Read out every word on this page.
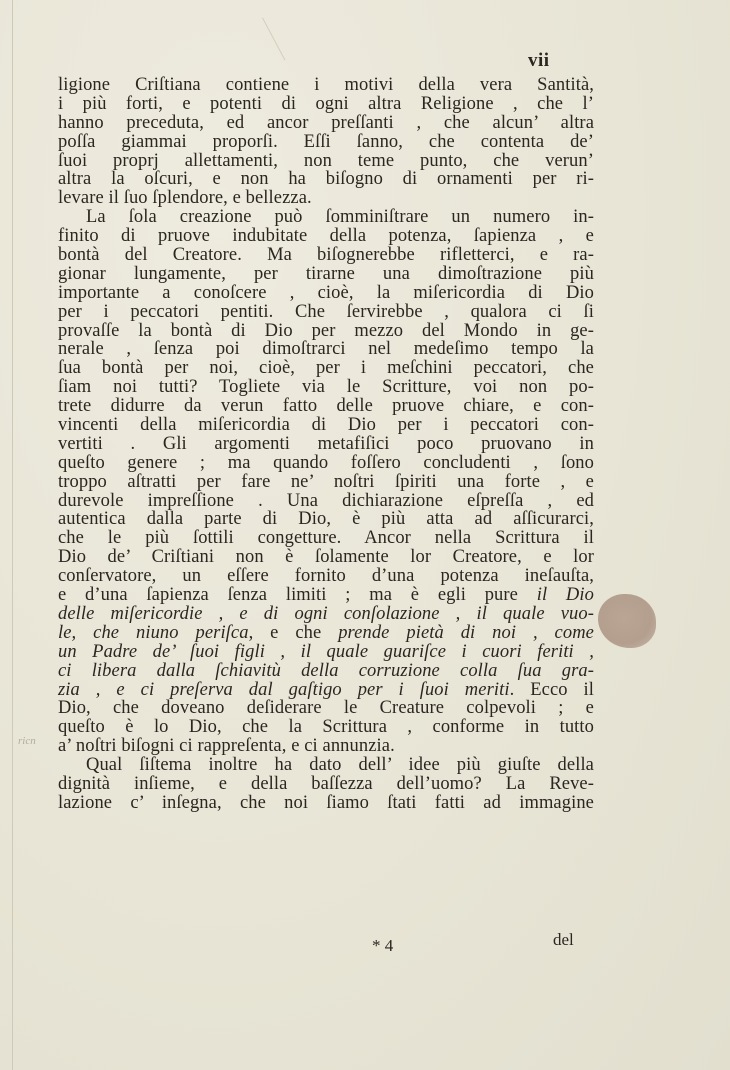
ricn
vii
ligione Criſtiana contiene i motivi della vera Santità,
i più forti, e potenti di ogni altra Religione , che l’
hanno preceduta, ed ancor preſſanti , che alcun’ altra
poſſa giammai proporſi. Eſſi ſanno, che contenta de’
ſuoi proprj allettamenti, non teme punto, che verun’
altra la oſcuri, e non ha biſogno di ornamenti per ri-
levare il ſuo ſplendore, e bellezza.
La ſola creazione può ſomminiſtrare un numero in-
finito di pruove indubitate della potenza, ſapienza , e
bontà del Creatore. Ma biſognerebbe rifletterci, e ra-
gionar lungamente, per tirarne una dimoſtrazione più
importante a conoſcere , cioè, la miſericordia di Dio
per i peccatori pentiti. Che ſervirebbe , qualora ci ſi
provaſſe la bontà di Dio per mezzo del Mondo in ge-
nerale , ſenza poi dimoſtrarci nel medeſimo tempo la
ſua bontà per noi, cioè, per i meſchini peccatori, che
ſiam noi tutti? Togliete via le Scritture, voi non po-
trete didurre da verun fatto delle pruove chiare, e con-
vincenti della miſericordia di Dio per i peccatori con-
vertiti . Gli argomenti metafiſici poco pruovano in
queſto genere ; ma quando foſſero concludenti , ſono
troppo aſtratti per fare ne’ noſtri ſpiriti una forte , e
durevole impreſſione . Una dichiarazione eſpreſſa , ed
autentica dalla parte di Dio, è più atta ad aſſicurarci,
che le più ſottili congetture. Ancor nella Scrittura il
Dio de’ Criſtiani non è ſolamente lor Creatore, e lor
conſervatore, un eſſere fornito d’una potenza ineſauſta,
e d’una ſapienza ſenza limiti ; ma è egli pure il Dio
delle miſericordie , e di ogni conſolazione , il quale vuo-
le, che niuno periſca, e che prende pietà di noi , come
un Padre de’ ſuoi figli , il quale guariſce i cuori feriti ,
ci libera dalla ſchiavitù della corruzione colla ſua gra-
zia , e ci preſerva dal gaſtigo per i ſuoi meriti. Ecco il
Dio, che doveano deſiderare le Creature colpevoli ; e
queſto è lo Dio, che la Scrittura , conforme in tutto
a’ noſtri biſogni ci rappreſenta, e ci annunzia.
Qual ſiſtema inoltre ha dato dell’ idee più giuſte della
dignità inſieme, e della baſſezza dell’uomo? La Reve-
lazione c’ inſegna, che noi ſiamo ſtati fatti ad immagine
* 4	del
